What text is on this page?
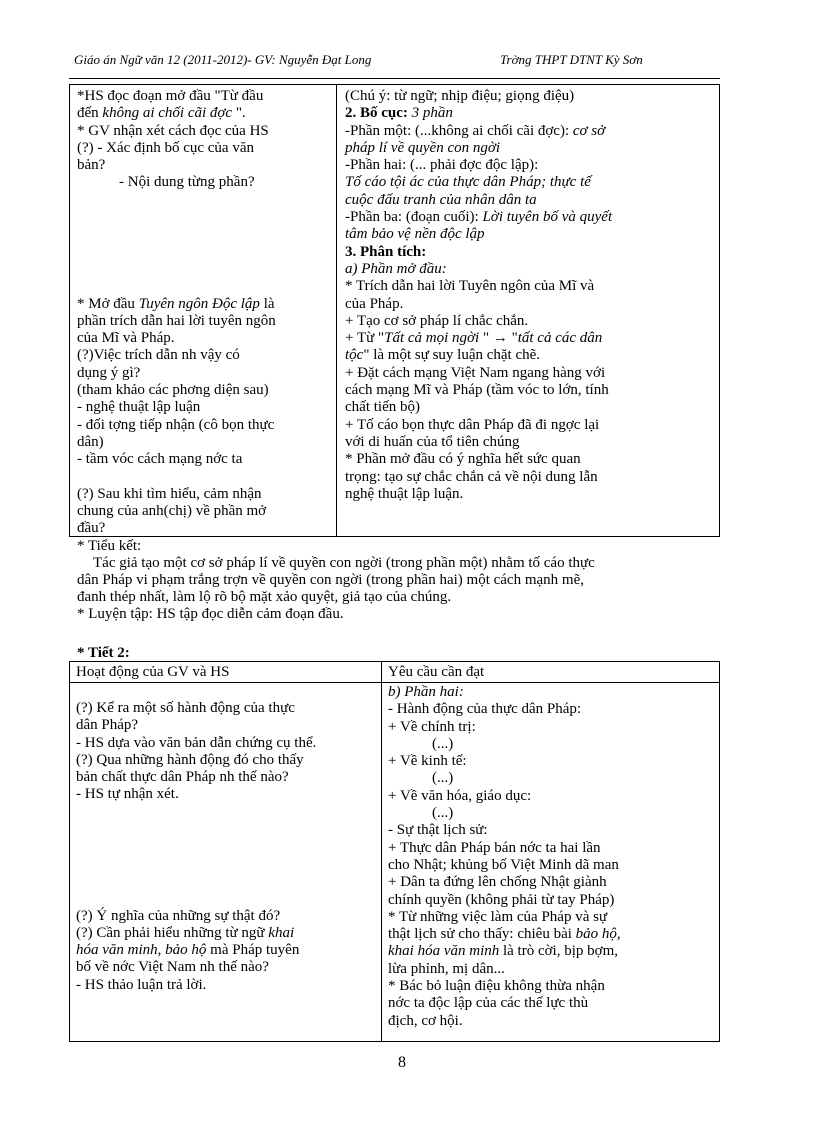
Giáo án Ngữ văn 12 (2011-2012)- GV: Nguyễn Đạt Long	Trờng THPT DTNT Kỳ Sơn

*HS đọc đoạn mở đầu "Từ đầu

đến không ai chối cãi đợc ".

* GV nhận xét cách đọc của HS

(?) - Xác định bố cục của văn

bản?

- Nội dung từng phần?

* Mở đầu Tuyên ngôn Độc lập là

phần trích dẫn hai lời tuyên ngôn

của Mĩ và Pháp.

(?)Việc trích dẫn nh vậy có

dụng ý gì?

(tham khảo các phơng diện sau)

- nghệ thuật lập luận

- đối tợng tiếp nhận (cô bọn thực

dân)

- tầm vóc cách mạng nớc ta

(?) Sau khi tìm hiểu, cảm nhận

chung của anh(chị) về phần mở

đầu?

(Chú ý: từ ngữ; nhịp điệu; giọng điệu)

2. Bố cục: 3 phần

-Phần một: (...không ai chối cãi đợc): cơ sở

pháp lí về quyền con ngời

-Phần hai: (... phải đợc độc lập):

Tố cáo tội ác của thực dân Pháp; thực tế

cuộc đấu tranh của nhân dân ta

-Phần ba: (đoạn cuối): Lời tuyên bố và quyết

tâm bảo vệ nền độc lập

3. Phân tích:

a) Phần mở đầu:

* Trích dẫn hai lời Tuyên ngôn của Mĩ và

của Pháp.

+ Tạo cơ sở pháp lí chắc chắn.

+ Từ "Tất cả mọi ngời " → "tất cả các dân

tộc" là một sự suy luận chặt chẽ.

+ Đặt cách mạng Việt Nam ngang hàng với

cách mạng Mĩ và Pháp (tầm vóc to lớn, tính

chất tiến bộ)

+ Tố cáo bọn thực dân Pháp đã đi ngợc lại

với di huấn của tổ tiên chúng

* Phần mở đầu có ý nghĩa hết sức quan

trọng: tạo sự chắc chắn cả về nội dung lẫn

nghệ thuật lập luận.

* Tiểu kết:

Tác giả tạo một cơ sở pháp lí về quyền con ngời (trong phần một) nhằm tố cáo thực

dân Pháp vi phạm trắng trợn về quyền con ngời (trong phần hai) một cách mạnh mẽ,

đanh thép nhất, làm lộ rõ bộ mặt xảo quyệt, giả tạo của chúng.

* Luyện tập: HS tập đọc diễn cảm đoạn đầu.

* Tiết 2:
Hoạt động của GV và HS	Yêu cầu cần đạt

(?) Kể ra một số hành động của thực

dân Pháp?

- HS dựa vào văn bản dẫn chứng cụ thể.

(?) Qua những hành động đó cho thấy

bản chất thực dân Pháp nh thế nào?

- HS tự nhận xét.

(?) Ý nghĩa của những sự thật đó?

(?) Cần phải hiểu những từ ngữ khai

hóa văn minh, bảo hộ mà Pháp tuyên

bố về nớc Việt Nam nh thế nào?

- HS thảo luận trả lời.

b) Phần hai:

- Hành động của thực dân Pháp:

+ Về chính trị:

(...)

+ Về kinh tế:

(...)

+ Về văn hóa, giáo dục:

(...)

- Sự thật lịch sử:

+ Thực dân Pháp bán nớc ta hai lần

cho Nhật; khủng bố Việt Minh dã man

+ Dân ta đứng lên chống Nhật giành

chính quyền (không phải từ tay Pháp)

* Từ những việc làm của Pháp và sự

thật lịch sử cho thấy: chiêu bài bảo hộ,

khai hóa văn minh là trò cời, bịp bợm,

lừa phỉnh, mị dân...

* Bác bỏ luận điệu không thừa nhận

nớc ta độc lập của các thế lực thù

địch, cơ hội.

8
